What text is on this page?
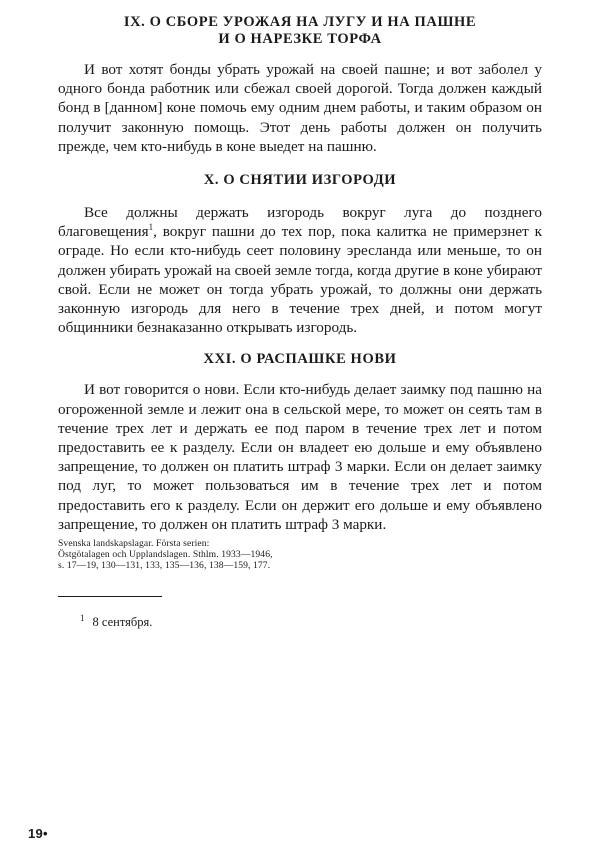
IX. О СБОРЕ УРОЖАЯ НА ЛУГУ И НА ПАШНЕ
И О НАРЕЗКЕ ТОРФА

И вот хотят бонды убрать урожай на своей пашне; и вот заболел у одного бонда работник или сбежал своей дорогой. Тогда должен каждый бонд в [данном] коне помочь ему одним днем работы, и таким образом он получит законную помощь. Этот день работы должен он получить прежде, чем кто-нибудь в коне выедет на пашню.

X. О СНЯТИИ ИЗГОРОДИ

Все должны держать изгородь вокруг луга до позднего благовещения$^1$, вокруг пашни до тех пор, пока калитка не примерзнет к ограде. Но если кто-нибудь сеет половину эресланда или меньше, то он должен убирать урожай на своей земле тогда, когда другие в коне убирают свой. Если не может он тогда убрать урожай, то должны они держать законную изгородь для него в течение трех дней, и потом могут общинники безнаказанно открывать изгородь.

XXI. О РАСПАШКЕ НОВИ

И вот говорится о нови. Если кто-нибудь делает заимку под пашню на огороженной земле и лежит она в сельской мере, то может он сеять там в течение трех лет и держать ее под паром в течение трех лет и потом предоставить ее к разделу. Если он владеет ею дольше и ему объявлено запрещение, то должен он платить штраф 3 марки. Если он делает заимку под луг, то может пользоваться им в течение трех лет и потом предоставить его к разделу. Если он держит его дольше и ему объявлено запрещение, то должен он платить штраф 3 марки.

Svenska landskapslagar. Första serien:
Östgötalagen och Upplandslagen. Sthlm. 1933—1946,
s. 17—19, 130—131, 133, 135—136, 138—159, 177.
$^1$ 8 сентября.
19•
